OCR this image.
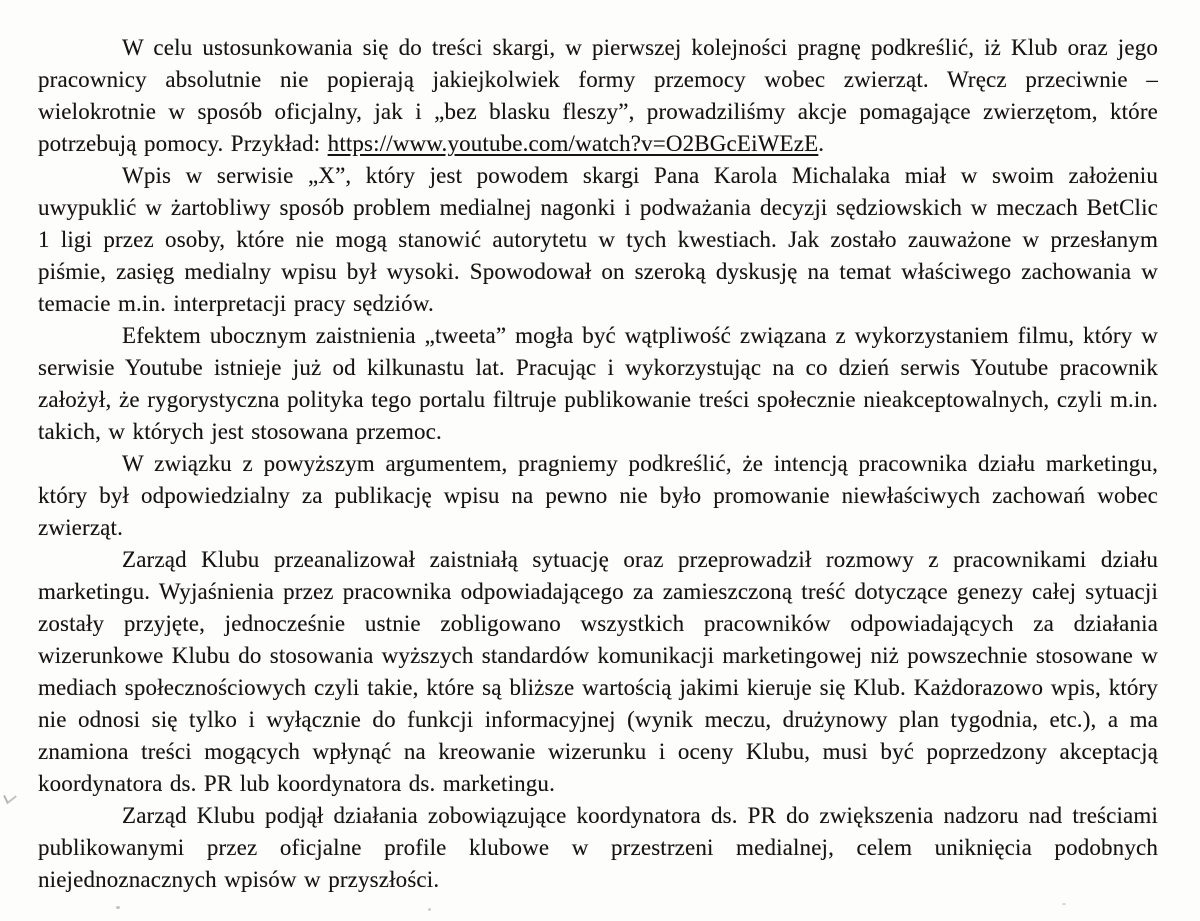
W celu ustosunkowania się do treści skargi, w pierwszej kolejności pragnę podkreślić, iż Klub oraz jego pracownicy absolutnie nie popierają jakiejkolwiek formy przemocy wobec zwierząt. Wręcz przeciwnie – wielokrotnie w sposób oficjalny, jak i „bez blasku fleszy”, prowadziliśmy akcje pomagające zwierzętom, które potrzebują pomocy. Przykład: https://www.youtube.com/watch?v=O2BGcEiWEzE.

Wpis w serwisie „X”, który jest powodem skargi Pana Karola Michalaka miał w swoim założeniu uwypuklić w żartobliwy sposób problem medialnej nagonki i podważania decyzji sędziowskich w meczach BetClic 1 ligi przez osoby, które nie mogą stanowić autorytetu w tych kwestiach. Jak zostało zauważone w przesłanym piśmie, zasięg medialny wpisu był wysoki. Spowodował on szeroką dyskusję na temat właściwego zachowania w temacie m.in. interpretacji pracy sędziów.

Efektem ubocznym zaistnienia „tweeta” mogła być wątpliwość związana z wykorzystaniem filmu, który w serwisie Youtube istnieje już od kilkunastu lat. Pracując i wykorzystując na co dzień serwis Youtube pracownik założył, że rygorystyczna polityka tego portalu filtruje publikowanie treści społecznie nieakceptowalnych, czyli m.in. takich, w których jest stosowana przemoc.

W związku z powyższym argumentem, pragniemy podkreślić, że intencją pracownika działu marketingu, który był odpowiedzialny za publikację wpisu na pewno nie było promowanie niewłaściwych zachowań wobec zwierząt.

Zarząd Klubu przeanalizował zaistniałą sytuację oraz przeprowadził rozmowy z pracownikami działu marketingu. Wyjaśnienia przez pracownika odpowiadającego za zamieszczoną treść dotyczące genezy całej sytuacji zostały przyjęte, jednocześnie ustnie zobligowano wszystkich pracowników odpowiadających za działania wizerunkowe Klubu do stosowania wyższych standardów komunikacji marketingowej niż powszechnie stosowane w mediach społecznościowych czyli takie, które są bliższe wartością jakimi kieruje się Klub. Każdorazowo wpis, który nie odnosi się tylko i wyłącznie do funkcji informacyjnej (wynik meczu, drużynowy plan tygodnia, etc.), a ma znamiona treści mogących wpłynąć na kreowanie wizerunku i oceny Klubu, musi być poprzedzony akceptacją koordynatora ds. PR lub koordynatora ds. marketingu.

Zarząd Klubu podjął działania zobowiązujące koordynatora ds. PR do zwiększenia nadzoru nad treściami publikowanymi przez oficjalne profile klubowe w przestrzeni medialnej, celem uniknięcia podobnych niejednoznacznych wpisów w przyszłości.
